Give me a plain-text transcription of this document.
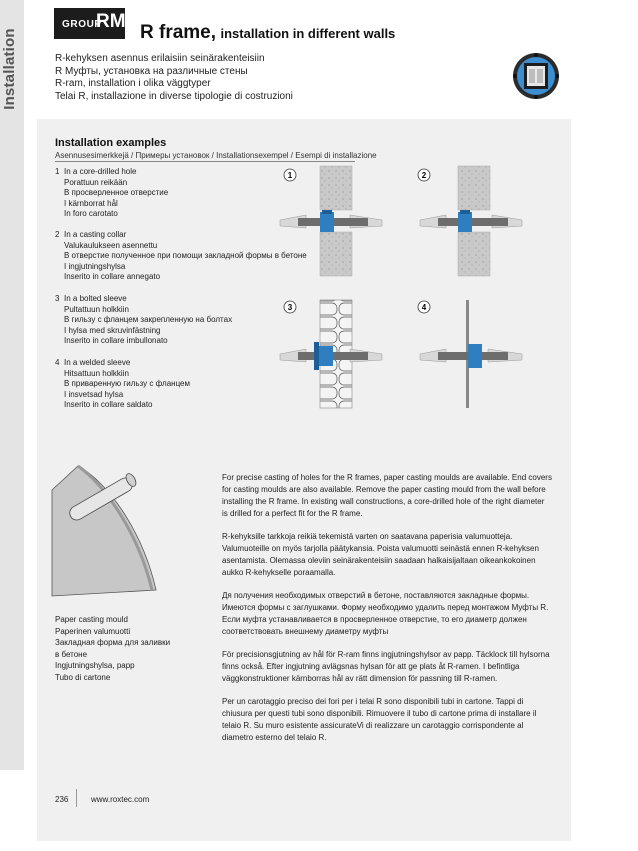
Installation
GROUP
RM
R frame, installation in different walls
R-kehyksen asennus erilaisiin seinärakenteisiin
R Муфты, установка на различные стены
R-ram, installation i olika väggtyper
Telai R, installazione in diverse tipologie di costruzioni
Installation examples
Asennusesimerkkejä / Примеры установок / Installationsexempel / Esempi di installazione
1 In a core-drilled hole
Porattuun reikään
В просверленное отверстие
I kärnborrat hål
In foro carotato
2 In a casting collar
Valukaulukseen asennettu
В отверстие полученное при помощи закладной формы в бетоне
I ingjutningshylsa
Inserito in collare annegato
3 In a bolted sleeve
Pultattuun holkkiin
В гильзу с фланцем закрепленную на болтах
I hylsa med skruvinfästning
Inserito in collare imbullonato
4 In a welded sleeve
Hitsattuun holkkiin
В приваренную гильзу с фланцем
I insvetsad hylsa
Inserito in collare saldato
1	2
3	4
Paper casting mould
Paperinen valumuotti
Закладная форма для заливки
в бетоне
Ingjutningshylsa, papp
Tubo di cartone

For precise casting of holes for the R frames, paper casting moulds are available. End covers for casting moulds are also available. Remove the paper casting mould from the wall before installing the R frame. In existing wall constructions, a core-drilled hole of the right diameter is drilled for a perfect fit for the R frame.

R-kehyksille tarkkoja reikiä tekemistä varten on saatavana paperisia valumuotteja. Valumuoteille on myös tarjolla päätykansia. Poista valumuotti seinästä ennen R-kehyksen asentamista. Olemassa oleviin seinärakenteisiin saadaan halkaisijaltaan oikeankokoinen aukko R-kehykselle poraamalla.

Дя получения необходимых отверстий в бетоне, поставляются закладные формы. Имеются формы с заглушками. Форму необходимо удалить перед монтажом Муфты R. Если муфта устанавливается в просверленное отверстие, то его диаметр должен соответствовать внешнему диаметру муфты

För precisionsgjutning av hål för R-ram finns ingjutningshylsor av papp. Täcklock till hylsorna finns också. Efter ingjutning avlägsnas hylsan för att ge plats åt R-ramen. I befintliga väggkonstruktioner kärnborras hål av rätt dimension för passning till R-ramen.

Per un carotaggio preciso dei fori per i telai R sono disponibili tubi in cartone. Tappi di chiusura per questi tubi sono disponibili. Rimuovere il tubo di cartone prima di installare il telaio R. Su muro esistente assicurateVi di realizzare un carotaggio corrispondente al diametro esterno del telaio R.

236	www.roxtec.com
